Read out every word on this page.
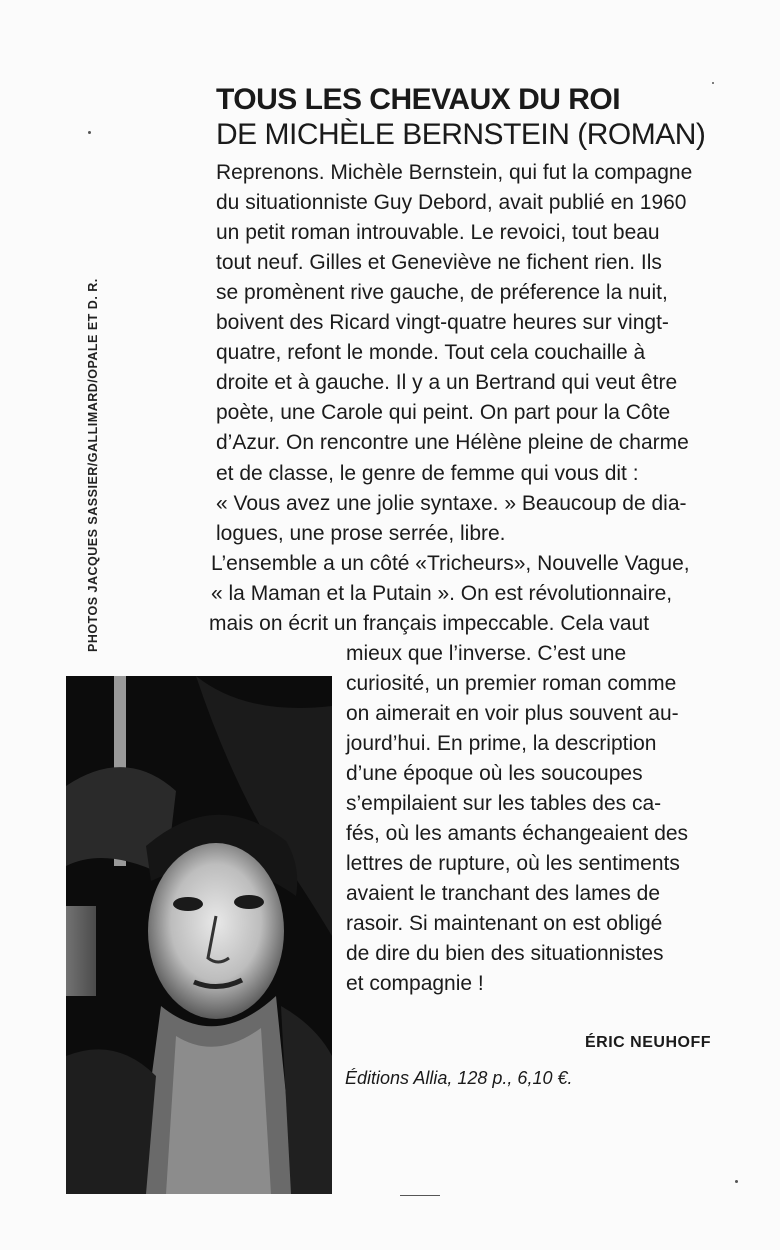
PHOTOS JACQUES SASSIER/GALLIMARD/OPALE ET D. R.
TOUS LES CHEVAUX DU ROI
DE MICHÈLE BERNSTEIN (ROMAN)
Reprenons. Michèle Bernstein, qui fut la compagne
du situationniste Guy Debord, avait publié en 1960
un petit roman introuvable. Le revoici, tout beau
tout neuf. Gilles et Geneviève ne fichent rien. Ils
se promènent rive gauche, de préference la nuit,
boivent des Ricard vingt-quatre heures sur vingt-
quatre, refont le monde. Tout cela couchaille à
droite et à gauche. Il y a un Bertrand qui veut être
poète, une Carole qui peint. On part pour la Côte
d’Azur. On rencontre une Hélène pleine de charme
et de classe, le genre de femme qui vous dit :
« Vous avez une jolie syntaxe. » Beaucoup de dia-
logues, une prose serrée, libre.
L’ensemble a un côté «Tricheurs», Nouvelle Vague,
« la Maman et la Putain ». On est révolutionnaire,
mais on écrit un français impeccable. Cela vaut
mieux que l’inverse. C’est une
curiosité, un premier roman comme
on aimerait en voir plus souvent au-
jourd’hui. En prime, la description
d’une époque où les soucoupes
s’empilaient sur les tables des ca-
fés, où les amants échangeaient des
lettres de rupture, où les sentiments
avaient le tranchant des lames de
rasoir. Si maintenant on est obligé
de dire du bien des situationnistes
et compagnie !
ÉRIC NEUHOFF
Éditions Allia, 128 p., 6,10 €.
